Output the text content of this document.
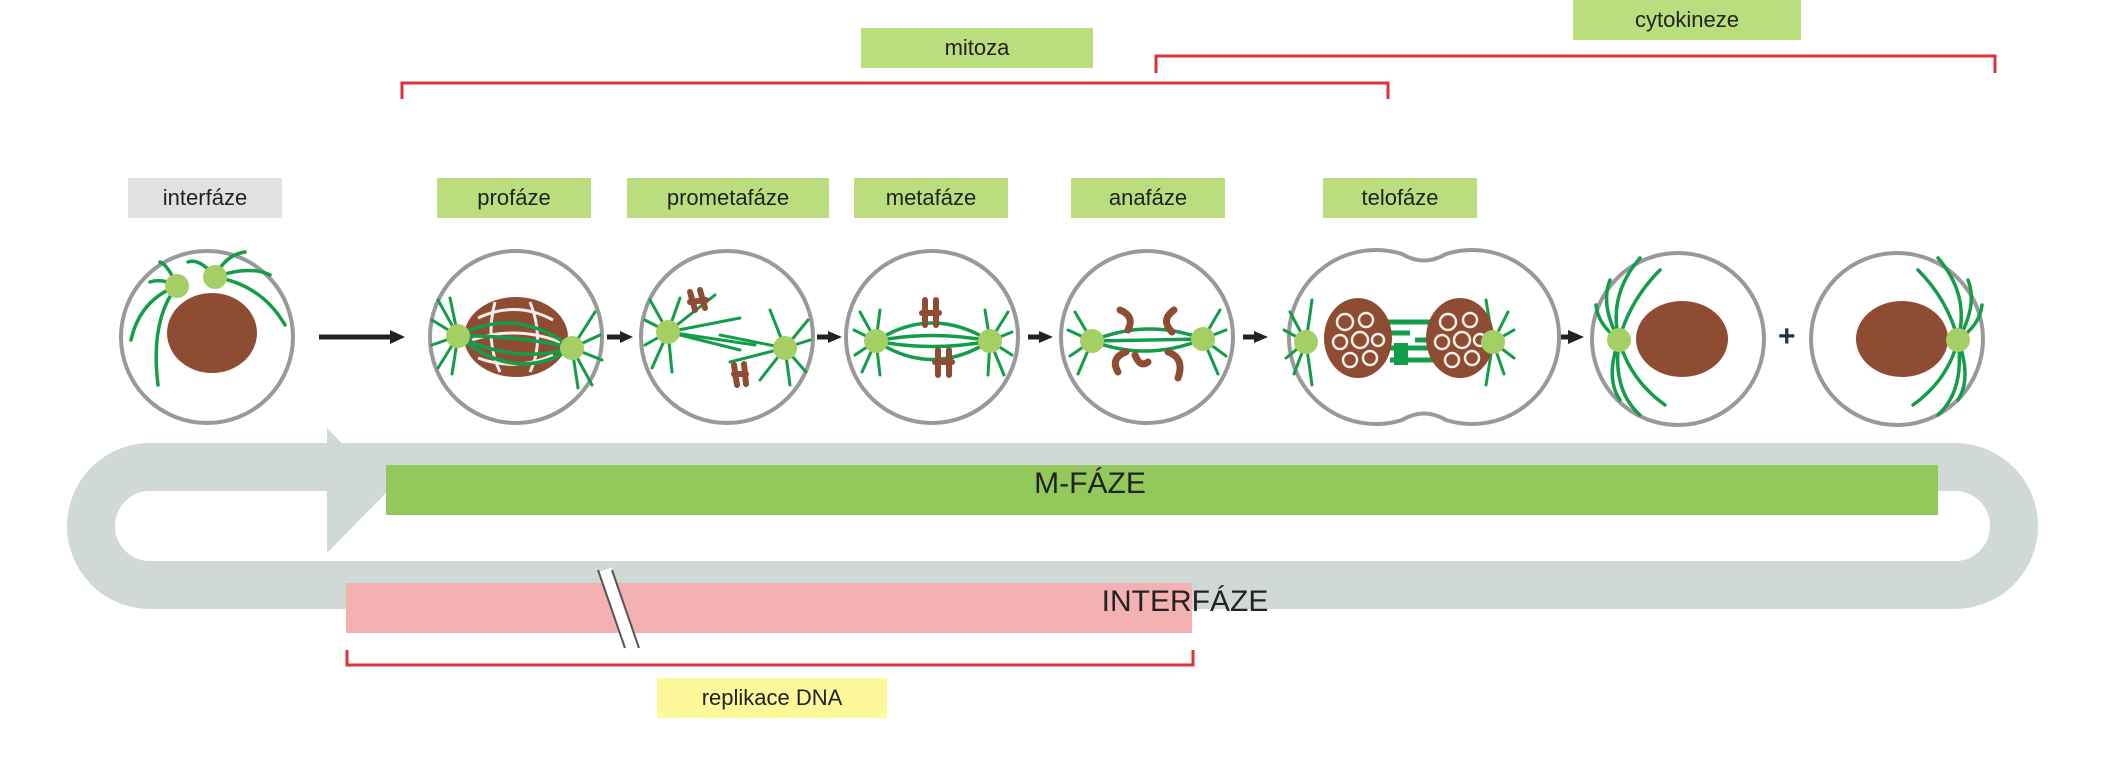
mitoza
cytokineze
interfáze	profáze	prometafáze	metafáze	anafáze	telofáze
+
M-FÁZE
INTERFÁZE
replikace DNA
